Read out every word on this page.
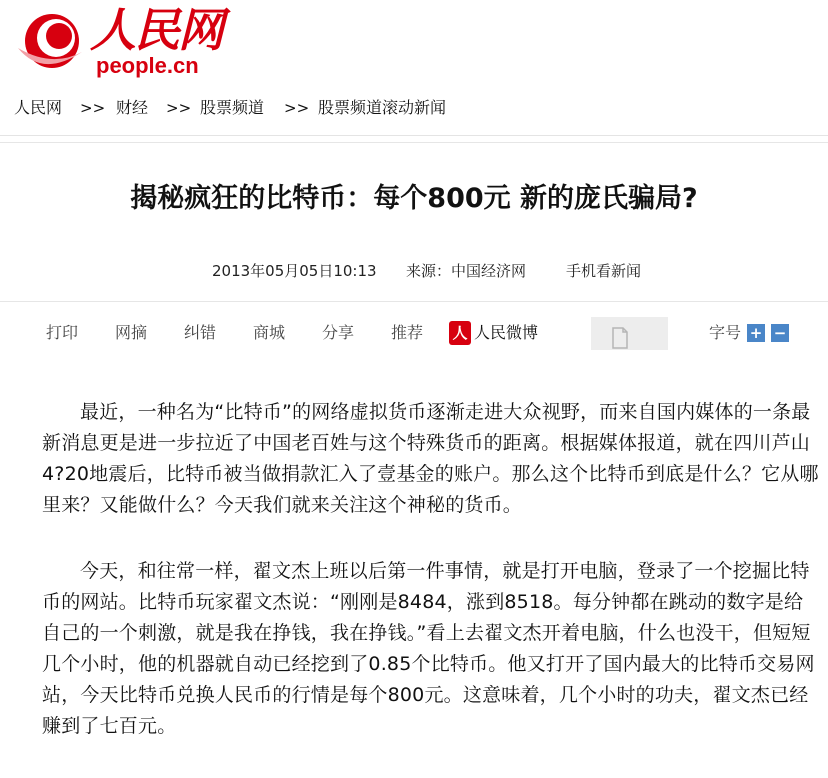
人民网
people.cn
人民网 >> 财经 >> 股票频道 >> 股票频道滚动新闻
揭秘疯狂的比特币：每个800元 新的庞氏骗局?
2013年05月05日10:13 来源：中国经济网	手机看新闻
打印 网摘 纠错 商城 分享 推荐 人 人民微博	字号 + −

最近，一种名为“比特币”的网络虚拟货币逐渐走进大众视野，而来自国内媒体的一条最新消息更是进一步拉近了中国老百姓与这个特殊货币的距离。根据媒体报道，就在四川芦山4?20地震后，比特币被当做捐款汇入了壹基金的账户。那么这个比特币到底是什么？它从哪里来？又能做什么？今天我们就来关注这个神秘的货币。

今天，和往常一样，翟文杰上班以后第一件事情，就是打开电脑，登录了一个挖掘比特币的网站。比特币玩家翟文杰说：“刚刚是8484，涨到8518。每分钟都在跳动的数字是给自己的一个刺激，就是我在挣钱，我在挣钱。”看上去翟文杰开着电脑，什么也没干，但短短几个小时，他的机器就自动已经挖到了0.85个比特币。他又打开了国内最大的比特币交易网站，今天比特币兑换人民币的行情是每个800元。这意味着，几个小时的功夫，翟文杰已经赚到了七百元。
